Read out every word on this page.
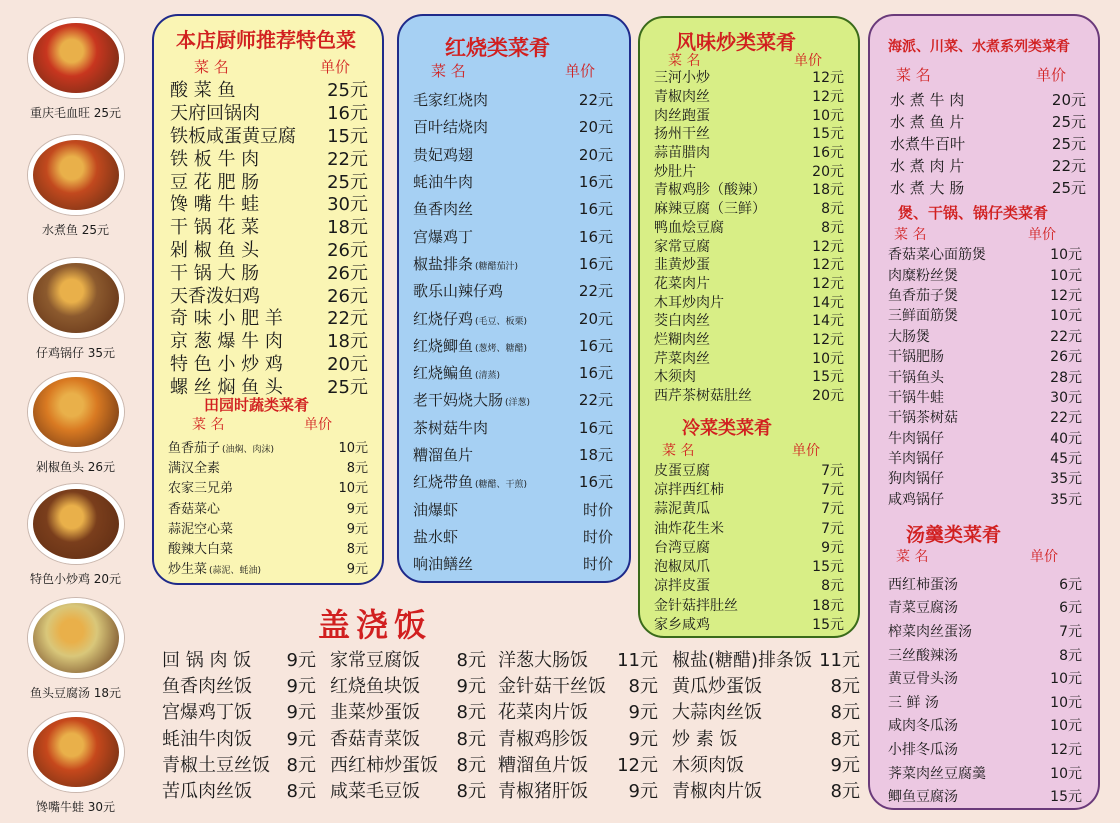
重庆毛血旺 25元
水煮鱼 25元
仔鸡锅仔 35元
剁椒鱼头 26元
特色小炒鸡 20元
鱼头豆腐汤 18元
馋嘴牛蛙 30元
本店厨师推荐特色菜
菜 名	单价
酸 菜 鱼	25元
天府回锅肉	16元
铁板咸蛋黄豆腐 15元
铁 板 牛 肉	22元
豆 花 肥 肠	25元
馋 嘴 牛 蛙	30元
干 锅 花 菜	18元
剁 椒 鱼 头	26元
干 锅 大 肠	26元
天香泼妇鸡	26元
奇 味 小 肥 羊 22元
京 葱 爆 牛 肉 18元
特 色 小 炒 鸡 20元
螺 丝 焖 鱼 头 25元
田园时蔬类菜肴
菜 名	单价
鱼香茄子 (油焖、肉沫)	10元
满汉全素	8元
农家三兄弟	10元
香菇菜心	9元
蒜泥空心菜	9元
酸辣大白菜	8元
炒生菜 (蒜泥、蚝油)	9元
红烧类菜肴
菜 名	单价
毛家红烧肉	22元
百叶结烧肉	20元
贵妃鸡翅	20元
蚝油牛肉	16元
鱼香肉丝	16元
宫爆鸡丁	16元
椒盐排条 (糖醋茄汁)	16元
歌乐山辣仔鸡	22元
红烧仔鸡 (毛豆、板栗)	20元
红烧鲫鱼 (葱烤、糖醋)	16元
红烧鳊鱼 (清蒸)	16元
老干妈烧大肠 (洋葱)	22元
茶树菇牛肉	16元
糟溜鱼片	18元
红烧带鱼 (糖醋、干煎)	16元
油爆虾	时价
盐水虾	时价
响油鳝丝	时价
风味炒类菜肴
菜 名	单价
三河小炒	12元
青椒肉丝	12元
肉丝跑蛋	10元
扬州干丝	15元
蒜苗腊肉	16元
炒肚片	20元
青椒鸡胗（酸辣）	18元
麻辣豆腐（三鲜）	8元
鸭血烩豆腐	8元
家常豆腐	12元
韭黄炒蛋	12元
花菜肉片	12元
木耳炒肉片	14元
茭白肉丝	14元
烂糊肉丝	12元
芹菜肉丝	10元
木须肉	15元
西芹茶树菇肚丝	20元
冷菜类菜肴
菜 名	单价
皮蛋豆腐	7元
凉拌西红柿	7元
蒜泥黄瓜	7元
油炸花生米	7元
台湾豆腐	9元
泡椒凤爪	15元
凉拌皮蛋	8元
金针菇拌肚丝	18元
家乡咸鸡	15元
海派、川菜、水煮系列类菜肴
菜 名	单价
水 煮 牛 肉	20元
水 煮 鱼 片	25元
水煮牛百叶	25元
水 煮 肉 片	22元
水 煮 大 肠	25元
煲、干锅、锅仔类菜肴
菜 名	单价
香菇菜心面筋煲	10元
肉糜粉丝煲	10元
鱼香茄子煲	12元
三鲜面筋煲	10元
大肠煲	22元
干锅肥肠	26元
干锅鱼头	28元
干锅牛蛙	30元
干锅茶树菇	22元
牛肉锅仔	40元
羊肉锅仔	45元
狗肉锅仔	35元
咸鸡锅仔	35元
汤羹类菜肴
菜 名	单价
西红柿蛋汤	6元
青菜豆腐汤	6元
榨菜肉丝蛋汤	7元
三丝酸辣汤	8元
黄豆骨头汤	10元
三 鲜 汤	10元
咸肉冬瓜汤	10元
小排冬瓜汤	12元
荠菜肉丝豆腐羹	10元
鲫鱼豆腐汤	15元
盖浇饭
回 锅 肉 饭 9元
鱼香肉丝饭 9元
宫爆鸡丁饭 9元
蚝油牛肉饭 9元
青椒土豆丝饭 8元
苦瓜肉丝饭 8元
家常豆腐饭 8元
红烧鱼块饭 9元
韭菜炒蛋饭 8元
香菇青菜饭 8元
西红柿炒蛋饭 8元
咸菜毛豆饭 8元
洋葱大肠饭 11元
金针菇干丝饭 8元
花菜肉片饭 9元
青椒鸡胗饭 9元
糟溜鱼片饭 12元
青椒猪肝饭 9元
椒盐(糖醋)排条饭 11元
黄瓜炒蛋饭	8元
大蒜肉丝饭	8元
炒 素 饭	8元
木须肉饭	9元
青椒肉片饭	8元
